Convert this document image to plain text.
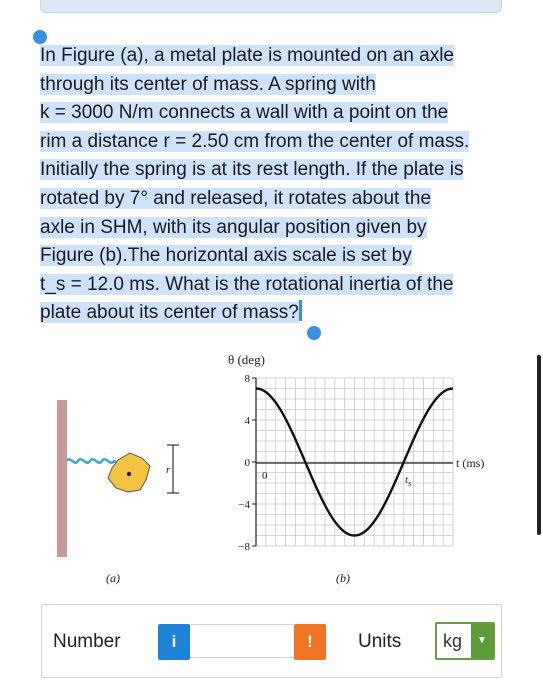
In Figure (a), a metal plate is mounted on an axle
through its center of mass. A spring with
k = 3000 N/m connects a wall with a point on the
rim a distance r = 2.50 cm from the center of mass.
Initially the spring is at its rest length. If the plate is
rotated by 7° and released, it rotates about the
axle in SHM, with its angular position given by
Figure (b).The horizontal axis scale is set by
t_s = 12.0 ms. What is the rotational inertia of the
plate about its center of mass?
r
(a)
θ (deg)
8
4
0
−4
−8
0
t (ms)
$t_s$
(b)
Number	i	!	Units kg	▼
